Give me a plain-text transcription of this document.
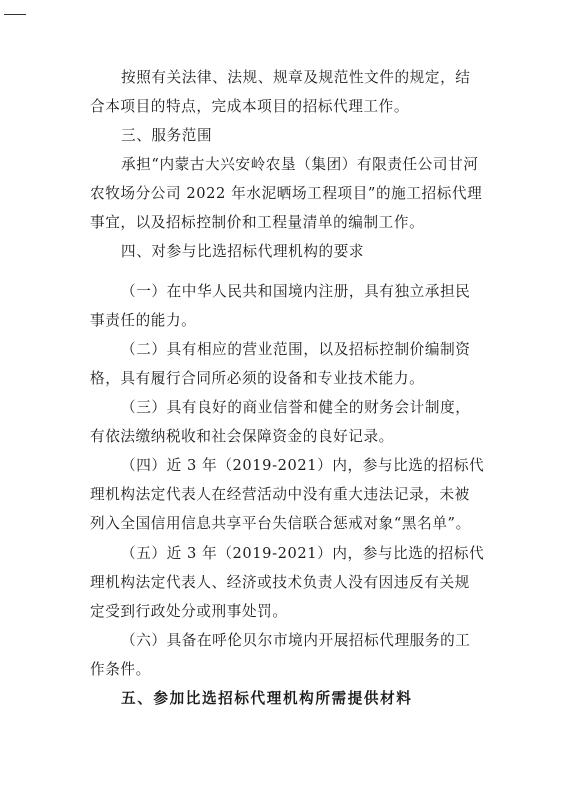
按照有关法律、法规、规章及规范性文件的规定，结
合本项目的特点，完成本项目的招标代理工作。
三、服务范围
承担“内蒙古大兴安岭农垦（集团）有限责任公司甘河
农牧场分公司 2022 年水泥晒场工程项目”的施工招标代理
事宜，以及招标控制价和工程量清单的编制工作。
四、对参与比选招标代理机构的要求
（一）在中华人民共和国境内注册，具有独立承担民
事责任的能力。
（二）具有相应的营业范围，以及招标控制价编制资
格，具有履行合同所必须的设备和专业技术能力。
（三）具有良好的商业信誉和健全的财务会计制度，
有依法缴纳税收和社会保障资金的良好记录。
（四）近 3 年（2019-2021）内，参与比选的招标代
理机构法定代表人在经营活动中没有重大违法记录，未被
列入全国信用信息共享平台失信联合惩戒对象“黑名单”。
（五）近 3 年（2019-2021）内，参与比选的招标代
理机构法定代表人、经济或技术负责人没有因违反有关规
定受到行政处分或刑事处罚。
（六）具备在呼伦贝尔市境内开展招标代理服务的工
作条件。
五、参加比选招标代理机构所需提供材料
